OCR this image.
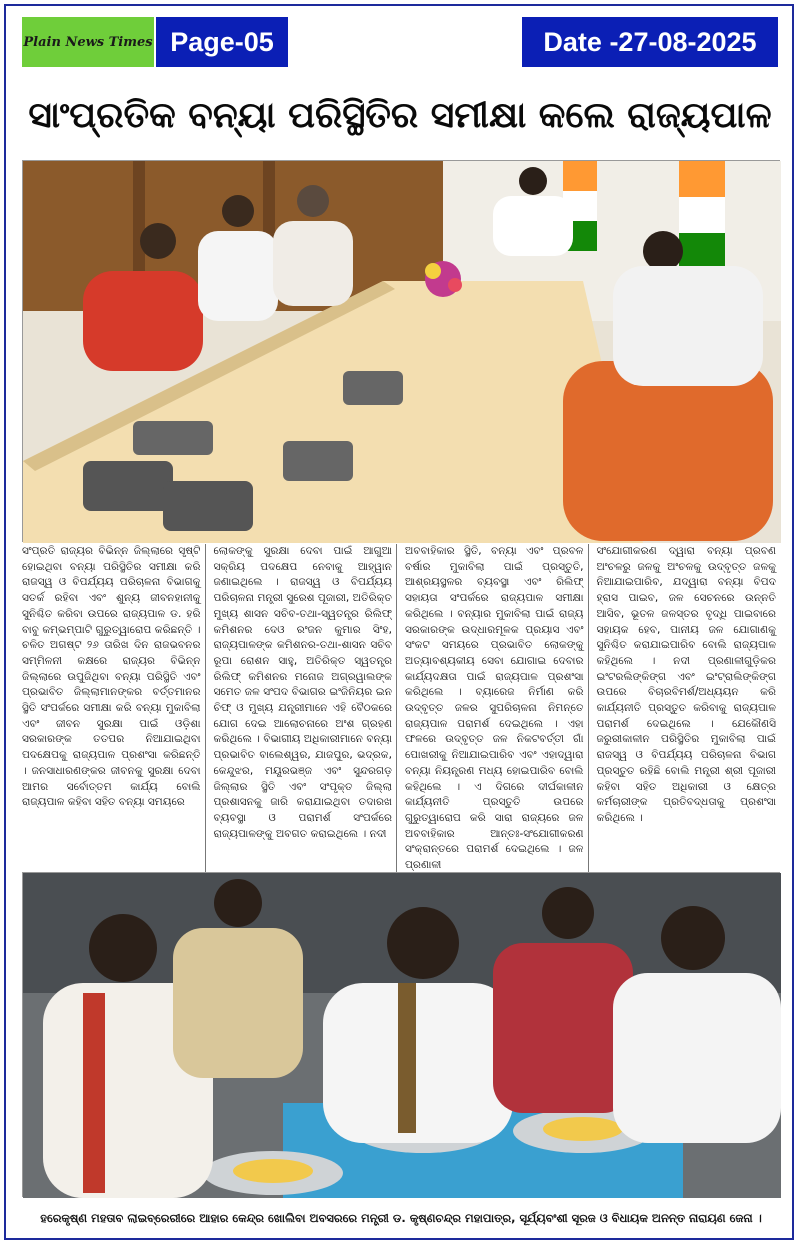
Plain News Times Page-05	Date -27-08-2025
ସାଂପ୍ରତିକ ବନ୍ୟା ପରିସ୍ଥିତିର ସମୀକ୍ଷା କଲେ ରାଜ୍ୟପାଳ
ସଂପ୍ରତି ରାଜ୍ୟର ବିଭିନ୍ନ ଜିଲ୍ଲାରେ ସୃଷ୍ଟି ହୋଇଥିବା ବନ୍ୟା ପରିସ୍ଥିତିର ସମୀକ୍ଷା କରି ରାଜସ୍ୱ ଓ ବିପର୍ଯ୍ୟୟ ପରିଚାଳନା ବିଭାଗକୁ ସତର୍କ ରହିବା ଏବଂ ଶୁନ୍ୟ ଜୀବନହାନୀକୁ ସୁନିଶ୍ଚିତ କରିବା ଉପରେ ରାଜ୍ୟପାଳ ଡ. ହରି ବାବୁ କମ୍ଭମ୍ପାଟି ଗୁରୁତ୍ୱାରୋପ କରିଛନ୍ତି । ଚଳିତ ଅଗଷ୍ଟ ୨୬ ତାରିଖ ଦିନ ରାଜଭବନର ସମ୍ମିଳନୀ କକ୍ଷରେ ରାଜ୍ୟର ବିଭିନ୍ନ ଜିଲ୍ଲାରେ ଉପୁଜିଥିବା ବନ୍ୟା ପରିସ୍ଥିତି ଏବଂ ପ୍ରଭାବିତ ଜିଲ୍ଲାମାନଙ୍କର ବର୍ତ୍ତମାନର ସ୍ଥିତି ସଂପର୍କରେ ସମୀକ୍ଷା କରି ବନ୍ୟା ମୁକାବିଲା ଏବଂ ଜୀବନ ସୁରକ୍ଷା ପାଇଁ ଓଡ଼ିଶା ସରକାରଙ୍କ ତତପର ନିଆଯାଇଥିବା ପଦକ୍ଷେପକୁ ରାଜ୍ୟପାଳ ପ୍ରଶଂସା କରିଛନ୍ତି । ଜନସାଧାରଣଙ୍କର ଜୀବନକୁ ସୁରକ୍ଷା ଦେବା ଆମର ସର୍ବୋତ୍ତମ କାର୍ଯ୍ୟ ବୋଲି ରାଜ୍ୟପାଳ କହିବା ସହିତ ବନ୍ୟା ସମୟରେ
ଲୋକଙ୍କୁ ସୁରକ୍ଷା ଦେବା ପାଇଁ ଆଗୁଆ ସକ୍ରିୟ ପଦକ୍ଷେପ ନେବାକୁ ଆହ୍ୱାନ ଜଣାଇଥିଲେ । ରାଜସ୍ୱ ଓ ବିପର୍ଯ୍ୟୟ ପରିଚାଳନା ମନ୍ତ୍ରୀ ସୁରେଶ ପୂଜାରୀ, ଅତିରିକ୍ତ ମୁଖ୍ୟ ଶାସନ ସଚିବ-ତଥା-ସ୍ୱତନ୍ତ୍ର ରିଲିଫ୍ କମିଶନର ଦେଓ ରଂଜନ କୁମାର ସିଂହ, ରାଜ୍ୟପାଳଙ୍କ କମିଶନର-ତଥା-ଶାସନ ସଚିବ ରୂପା ରୋଶନ ସାହୁ, ଅତିରିକ୍ତ ସ୍ୱତନ୍ତ୍ର ରିଲିଫ୍ କମିଶନର ମନୋଜ ଅଗ୍ରୱାଲଙ୍କ ସମେତ ଜଳ ସଂପଦ ବିଭାଗର ଇଂଜିନିୟର ଇନ ଚିଫ୍ ଓ ମୁଖ୍ୟ ଯନ୍ତ୍ରୀମାନେ ଏହି ବୈଠକରେ ଯୋଗ ଦେଇ ଆଲୋଚନାରେ ଅଂଶ ଗ୍ରହଣ କରିଥିଲେ । ବିଭାଗୀୟ ଅଧିକାରୀମାନେ ବନ୍ୟା ପ୍ରଭାବିତ ବାଲେଶ୍ୱର, ଯାଜପୁର, ଭଦ୍ରକ, କେନ୍ଦୁଝର, ମୟୂରଭଞ୍ଜ ଏବଂ ସୁନ୍ଦରଗଡ଼ ଜିଲ୍ଲାର ସ୍ଥିତି ଏବଂ ସଂପୃକ୍ତ ଜିଲ୍ଲା ପ୍ରଶାସନକୁ ଜାରି କରାଯାଇଥିବା ତଦାରଖ ବ୍ୟବସ୍ଥା ଓ ପରାମର୍ଶ ସଂପର୍କରେ ରାଜ୍ୟପାଳଙ୍କୁ ଅବଗତ କରାଇଥିଲେ । ନଦୀ
ଅବବାହିକାର ସ୍ଥିତି, ବନ୍ୟା ଏବଂ ପ୍ରବଳ ବର୍ଷାର ମୁକାବିଲା ପାଇଁ ପ୍ରସ୍ତୁତି, ଆଶ୍ରୟସ୍ଥଳର ବ୍ୟବସ୍ଥା ଏବଂ ରିଲିଫ୍ ସହାୟତା ସଂପର୍କରେ ରାଜ୍ୟପାଳ ସମୀକ୍ଷା କରିଥିଲେ । ବନ୍ୟାର ମୁକାବିଲା ପାଇଁ ରାଜ୍ୟ ସରକାରଙ୍କ ଉଦ୍ଧାରମୂଳକ ପ୍ରୟାସ ଏବଂ ସଂକଟ ସମୟରେ ପ୍ରଭାବିତ ଲୋକଙ୍କୁ ଅତ୍ୟାବଶ୍ୟକୀୟ ସେବା ଯୋଗାଇ ଦେବାର କାର୍ଯ୍ୟଦକ୍ଷତା ପାଇଁ ରାଜ୍ୟପାଳ ପ୍ରଶଂସା କରିଥିଲେ । ବ୍ୟାରେଜ ନିର୍ମାଣ କରି ଉଦ୍ବୃତ୍ତ ଜଳର ସୁପରିଚାଳନା ନିମନ୍ତେ ରାଜ୍ୟପାଳ ପରାମର୍ଶ ଦେଇଥିଲେ । ଏହା ଫଳରେ ଉଦ୍ବୃତ୍ତ ଜଳ ନିକଟବର୍ତ୍ତୀ ଗାଁ ପୋଖରୀକୁ ନିଆଯାଇପାରିବ ଏବଂ ଏହାଦ୍ୱାରା ବନ୍ୟା ନିୟନ୍ତ୍ରଣ ମଧ୍ୟ ହୋଇପାରିବ ବୋଲି କହିଥିଲେ । ଏ ଦିଗରେ ଦୀର୍ଘକାଳୀନ କାର୍ଯ୍ୟନୀତି ପ୍ରସ୍ତୁତି ଉପରେ ଗୁରୁତ୍ୱାରୋପ କରି ସାରା ରାଜ୍ୟରେ ଜଳ ଅବବାହିକାର ଆନ୍ତଃ-ସଂଯୋଗୀକରଣ ସଂକ୍ରାନ୍ତରେ ପରାମର୍ଶ ଦେଇଥିଲେ । ଜଳ ପ୍ରଣାଳୀ
ସଂଯୋଗୀକରଣ ଦ୍ୱାରା ବନ୍ୟା ପ୍ରବଣ ଅଂଚଳରୁ ଜଳକୁ ଅଂଚଳକୁ ଉଦ୍ବୃତ୍ତ ଜଳକୁ ନିଆଯାଇପାରିବ, ଯଦ୍ୱାରା ବନ୍ୟା ବିପଦ ହ୍ରାସ ପାଇବ, ଜଳ ସେଚନରେ ଉନ୍ନତି ଆସିବ, ଭୂତଳ ଜଳସ୍ତର ବୃଦ୍ଧି ପାଇବାରେ ସହାୟକ ହେବ, ପାନୀୟ ଜଳ ଯୋଗାଣକୁ ସୁନିଶ୍ଚିତ କରାଯାଇପାରିବ ବୋଲି ରାଜ୍ୟପାଳ କହିଥିଲେ । ନଦୀ ପ୍ରଣାଳୀଗୁଡ଼ିକର ଇଂଟରଲିଙ୍କିଙ୍ଗ ଏବଂ ଇଂଟ୍ରାଲିଙ୍କିଙ୍ଗ ଉପରେ ବିଚାରବିମର୍ଶ/ଅଧ୍ୟୟନ କରି କାର୍ଯ୍ୟନୀତି ପ୍ରସ୍ତୁତ କରିବାକୁ ରାଜ୍ୟପାଳ ପରାମର୍ଶ ଦେଇଥିଲେ । ଯେକୌଣସି ଜରୁରୀକାଳୀନ ପରିସ୍ଥିତିର ମୁକାବିଲା ପାଇଁ ରାଜସ୍ୱ ଓ ବିପର୍ଯ୍ୟୟ ପରିଚାଳନା ବିଭାଗ ପ୍ରସ୍ତୁତ ରହିଛି ବୋଲି ମନ୍ତ୍ରୀ ଶ୍ରୀ ପୂଜାରୀ କହିବା ସହିତ ଅଧିକାରୀ ଓ କ୍ଷେତ୍ର କର୍ମଚାରୀଙ୍କ ପ୍ରତିବଦ୍ଧତାକୁ ପ୍ରଶଂସା କରିଥିଲେ ।
ହରେକୃଷ୍ଣ ମହତାବ ଲାଇବ୍ରେରୀରେ ଆହାର କେନ୍ଦ୍ର ଖୋଲିବା ଅବସରରେ ମନ୍ତ୍ରୀ ଡ. କୃଷ୍ଣଚନ୍ଦ୍ର ମହାପାତ୍ର, ସୂର୍ଯ୍ୟବଂଶୀ ସୂରଜ ଓ ବିଧାୟକ ଅନନ୍ତ ନାରାୟଣ ଜେନା ।
